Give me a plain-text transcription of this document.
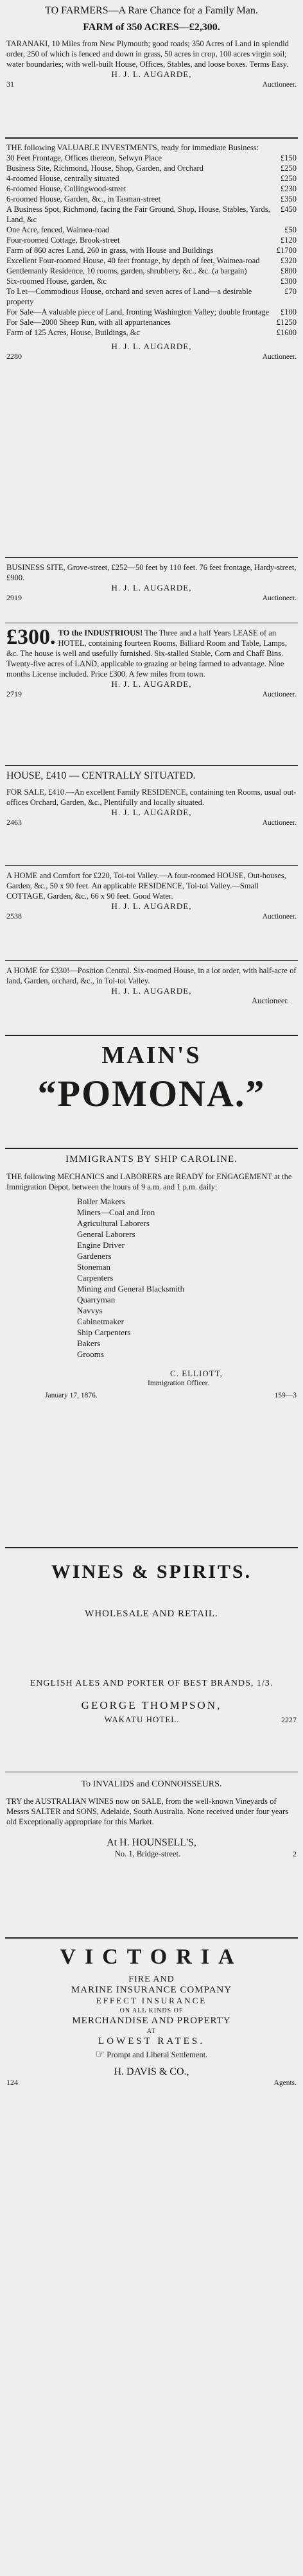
TO FARMERS—A Rare Chance for a Family Man.
FARM of 350 ACRES—£2,300.
TARANAKI, 10 Miles from New Plymouth; good roads; 350 Acres of Land in splendid order, 250 of which is fenced and down in grass, 50 acres in crop, 100 acres virgin soil; water boundaries; with well-built House, Offices, Stables, and loose boxes. Terms Easy.
H. J. L. AUGARDE,
31	Auctioneer.
THE following VALUABLE INVESTMENTS, ready for immediate Business:
30 Feet Frontage, Offices thereon, Selwyn Place	£150
Business Site, Richmond, House, Shop, Garden, and Orchard	£250
4-roomed House, centrally situated	£250
6-roomed House, Collingwood-street	£230
6-roomed House, Garden, &c., in Tasman-street	£350
A Business Spot, Richmond, facing the Fair Ground, Shop, House, Stables, Yards, Land, &c
£450
One Acre, fenced, Waimea-road	£50
Four-roomed Cottage, Brook-street	£120
Farm of 860 acres Land, 260 in grass, with House and Buildings	£1700
Excellent Four-roomed House, 40 feet frontage, by depth of feet, Waimea-road	£320
Gentlemanly Residence, 10 rooms, garden, shrubbery, &c., &c. (a bargain)	£800
Six-roomed House, garden, &c	£300
To Let—Commodious House, orchard and seven acres of Land—a desirable property
£70
For Sale—A valuable piece of Land, fronting Washington Valley; double frontage	£100
For Sale—2000 Sheep Run, with all appurtenances	£1250
Farm of 125 Acres, House, Buildings, &c	£1600
H. J. L. AUGARDE,
2280	Auctioneer.
BUSINESS SITE, Grove-street, £252—50 feet by 110 feet. 76 feet frontage, Hardy-street, £900.
H. J. L. AUGARDE,
2919	Auctioneer.
£300. TO the INDUSTRIOUS! The Three and a half Years LEASE of an HOTEL, containing fourteen Rooms, Billiard Room and Table, Lamps, &c. The house is well and usefully furnished. Six-stalled Stable, Corn and Chaff Bins. Twenty-five acres of LAND, applicable to grazing or being farmed to advantage. Nine months License included. Price £300. A few miles from town.
H. J. L. AUGARDE,
2719	Auctioneer.
HOUSE, £410 — CENTRALLY SITUATED.
FOR SALE, £410.—An excellent Family RESIDENCE, containing ten Rooms, usual out-offices Orchard, Garden, &c., Plentifully and locally situated.
H. J. L. AUGARDE,
2463	Auctioneer.
A HOME and Comfort for £220, Toi-toi Valley.—A four-roomed HOUSE, Out-houses, Garden, &c., 50 x 90 feet. An applicable RESIDENCE, Toi-toi Valley.—Small COTTAGE, Garden, &c., 66 x 90 feet. Good Water.
H. J. L. AUGARDE,
2538	Auctioneer.
A HOME for £330!—Position Central. Six-roomed House, in a lot order, with half-acre of land, Garden, orchard, &c., in Toi-toi Valley.
H. J. L. AUGARDE,
Auctioneer.
MAIN'S
“POMONA.”
IMMIGRANTS BY SHIP CAROLINE.
THE following MECHANICS and LABORERS are READY for ENGAGEMENT at the Immigration Depot, between the hours of 9 a.m. and 1 p.m. daily:
Boiler Makers
Miners—Coal and Iron
Agricultural Laborers
General Laborers
Engine Driver
Gardeners
Stoneman
Carpenters
Mining and General Blacksmith
Quarryman
Navvys
Cabinetmaker
Ship Carpenters
Bakers
Grooms
C. ELLIOTT,
Immigration Officer.
January 17, 1876.	159—3
WINES & SPIRITS.
WHOLESALE AND RETAIL.
ENGLISH ALES AND PORTER OF BEST BRANDS, 1/3.
GEORGE THOMPSON,
WAKATU HOTEL.	2227
To INVALIDS and CONNOISSEURS.
TRY the AUSTRALIAN WINES now on SALE, from the well-known Vineyards of Messrs SALTER and SONS, Adelaide, South Australia. None received under four years old Exceptionally appropriate for this Market.
At H. HOUNSELL'S,
No. 1, Bridge-street.	2
VICTORIA
FIRE AND
MARINE INSURANCE COMPANY
EFFECT INSURANCE
ON ALL KINDS OF
MERCHANDISE AND PROPERTY
AT
LOWEST RATES.
☞ Prompt and Liberal Settlement.
H. DAVIS & CO.,
124	Agents.
